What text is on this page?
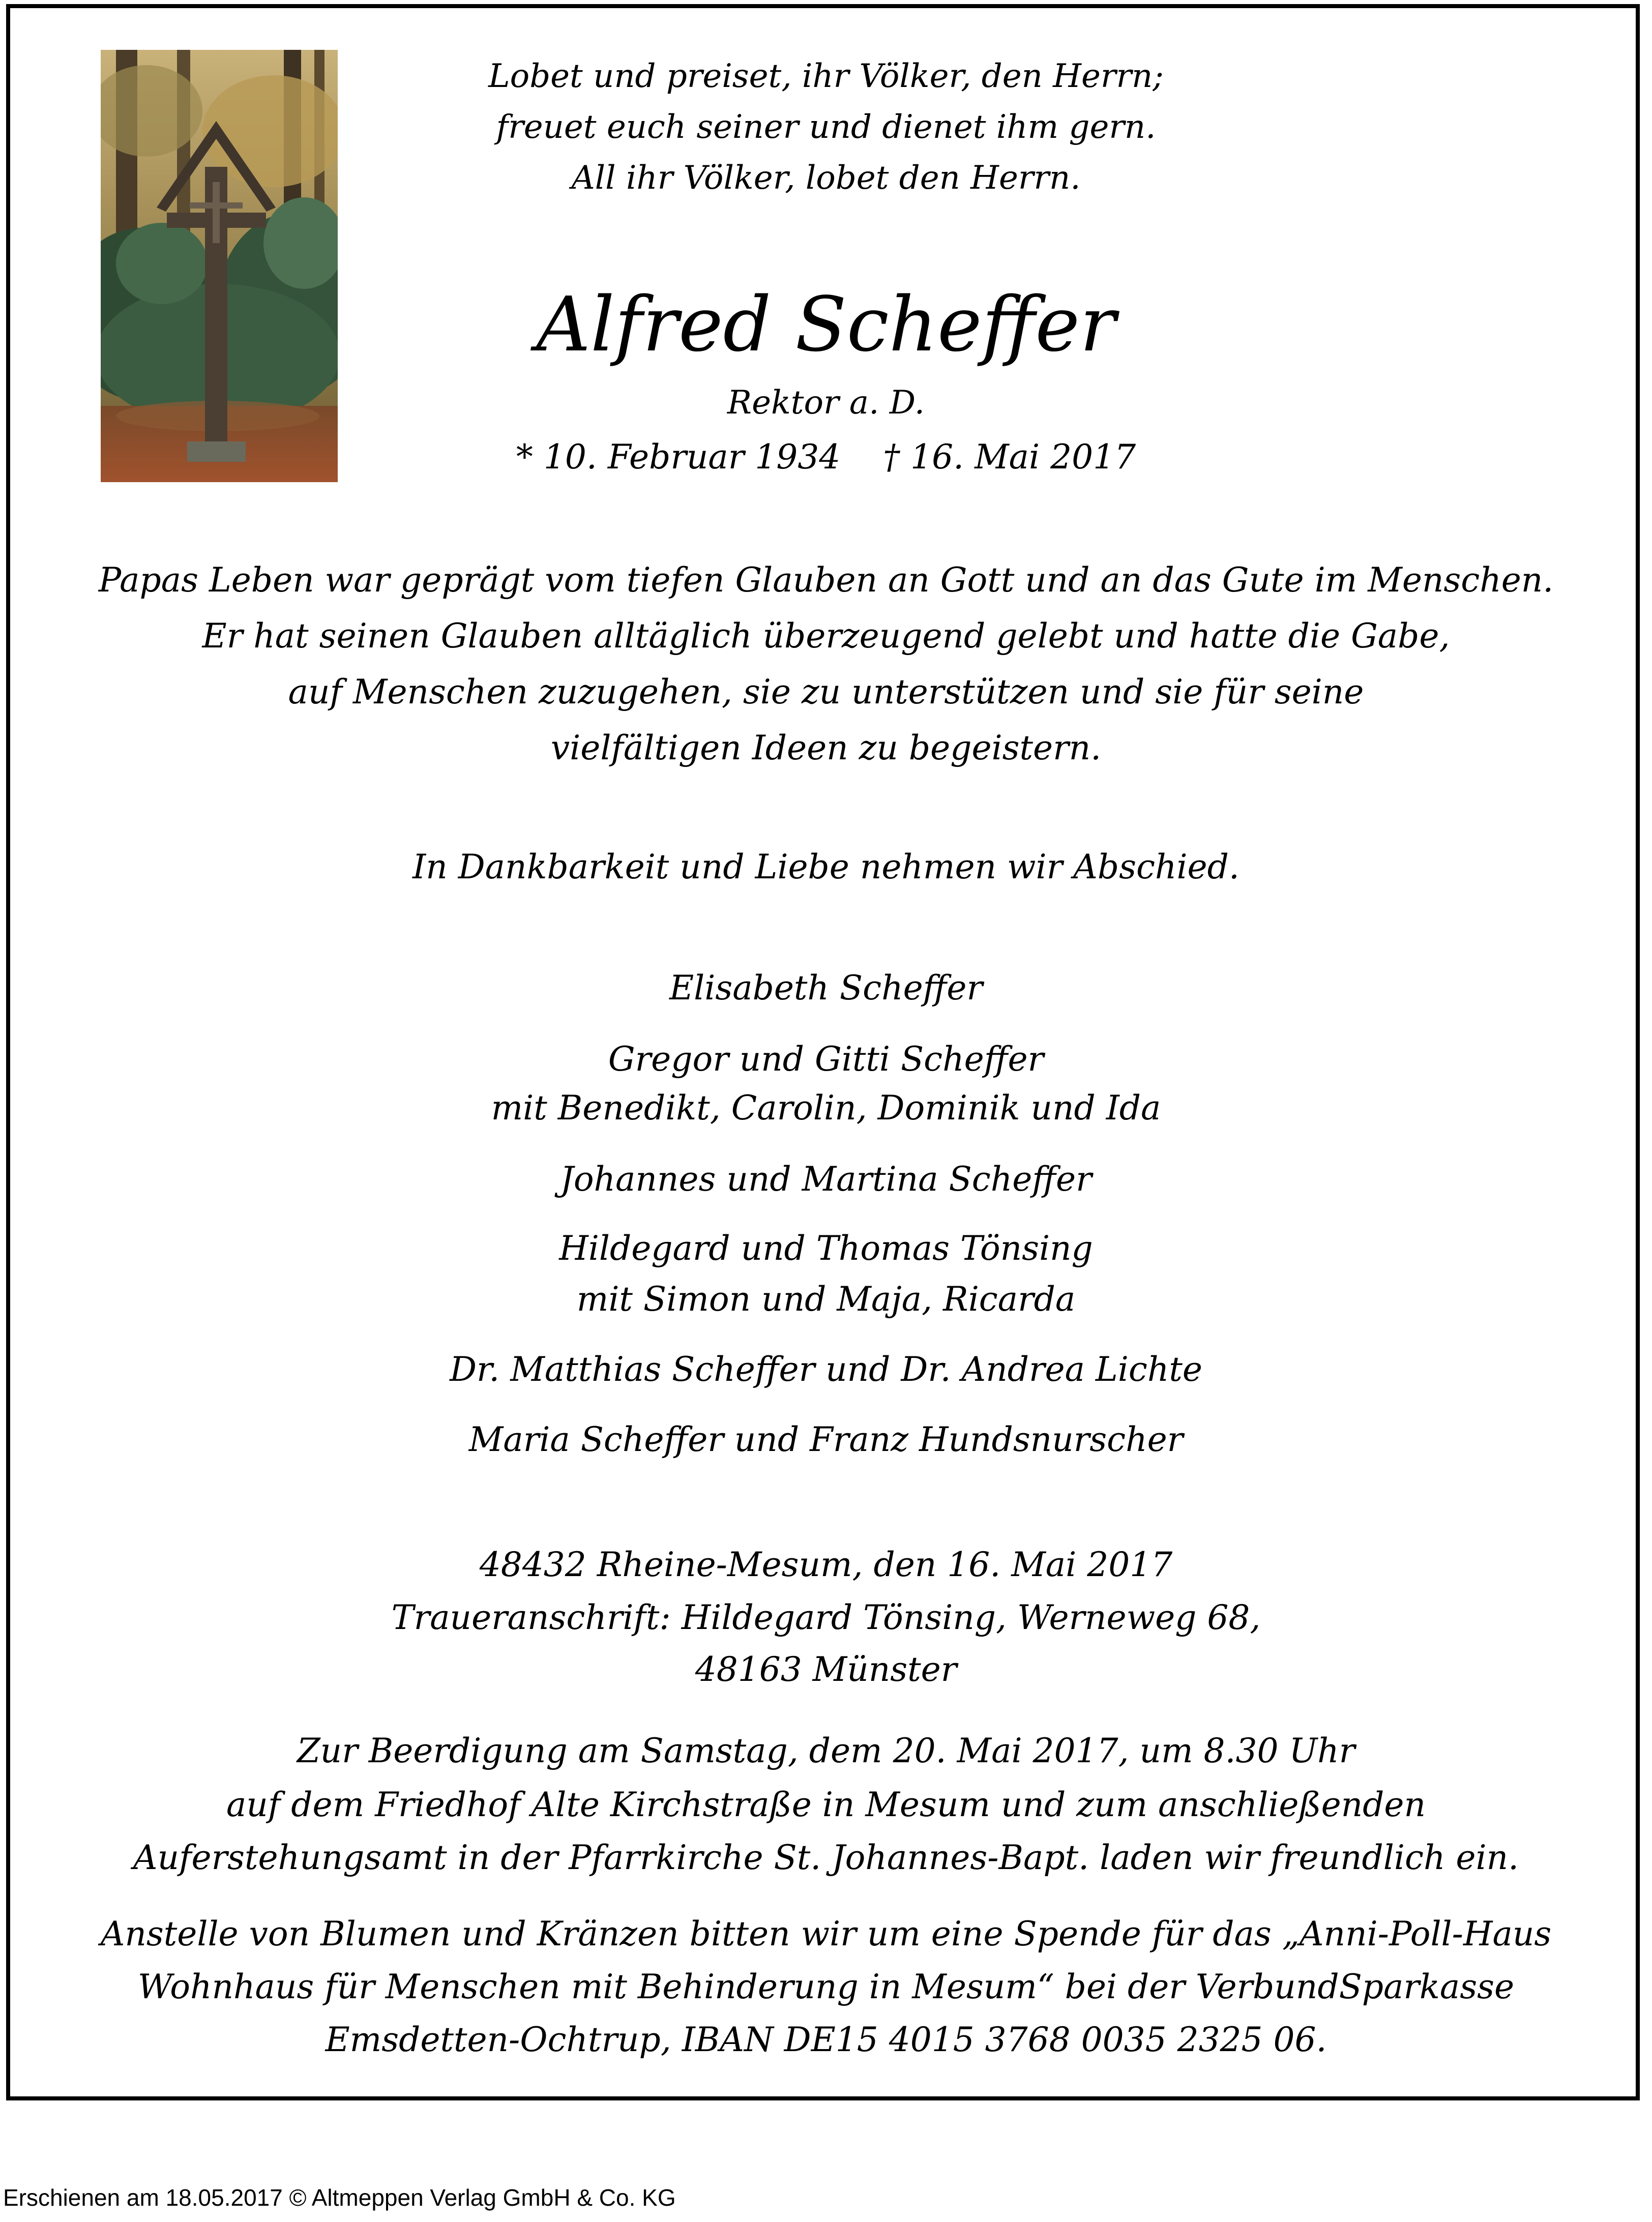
Lobet und preiset, ihr Völker, den Herrn;
freuet euch seiner und dienet ihm gern.
All ihr Völker, lobet den Herrn.
Alfred Scheffer
Rektor a. D.
* 10. Februar 1934    † 16. Mai 2017
Papas Leben war geprägt vom tiefen Glauben an Gott und an das Gute im Menschen.
Er hat seinen Glauben alltäglich überzeugend gelebt und hatte die Gabe,
auf Menschen zuzugehen, sie zu unterstützen und sie für seine
vielfältigen Ideen zu begeistern.
In Dankbarkeit und Liebe nehmen wir Abschied.
Elisabeth Scheffer
Gregor und Gitti Scheffer
mit Benedikt, Carolin, Dominik und Ida
Johannes und Martina Scheffer
Hildegard und Thomas Tönsing
mit Simon und Maja, Ricarda
Dr. Matthias Scheffer und Dr. Andrea Lichte
Maria Scheffer und Franz Hundsnurscher
48432 Rheine-Mesum, den 16. Mai 2017
Traueranschrift: Hildegard Tönsing, Werneweg 68,
48163 Münster
Zur Beerdigung am Samstag, dem 20. Mai 2017, um 8.30 Uhr
auf dem Friedhof Alte Kirchstraße in Mesum und zum anschließenden
Auferstehungsamt in der Pfarrkirche St. Johannes-Bapt. laden wir freundlich ein.
Anstelle von Blumen und Kränzen bitten wir um eine Spende für das „Anni-Poll-Haus
Wohnhaus für Menschen mit Behinderung in Mesum“ bei der VerbundSparkasse
Emsdetten-Ochtrup, IBAN DE15 4015 3768 0035 2325 06.
Erschienen am 18.05.2017 © Altmeppen Verlag GmbH & Co. KG
